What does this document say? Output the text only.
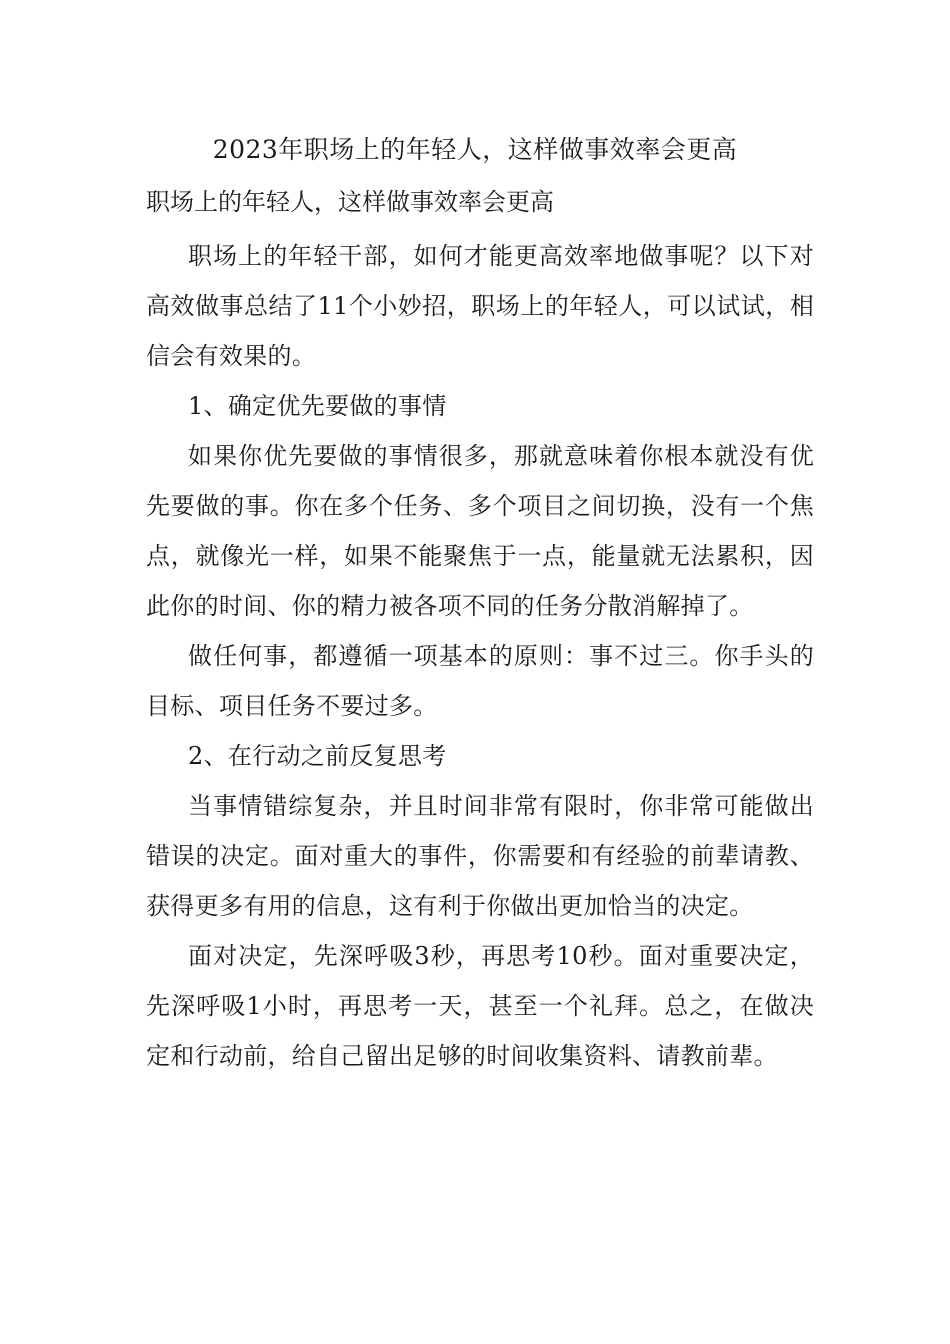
2023年职场上的年轻人，这样做事效率会更高

职场上的年轻人，这样做事效率会更高

职场上的年轻干部，如何才能更高效率地做事呢？以下对高效做事总结了11个小妙招，职场上的年轻人，可以试试，相信会有效果的。

1、确定优先要做的事情

如果你优先要做的事情很多，那就意味着你根本就没有优先要做的事。你在多个任务、多个项目之间切换，没有一个焦点，就像光一样，如果不能聚焦于一点，能量就无法累积，因此你的时间、你的精力被各项不同的任务分散消解掉了。

做任何事，都遵循一项基本的原则：事不过三。你手头的目标、项目任务不要过多。

2、在行动之前反复思考

当事情错综复杂，并且时间非常有限时，你非常可能做出错误的决定。面对重大的事件，你需要和有经验的前辈请教、获得更多有用的信息，这有利于你做出更加恰当的决定。

面对决定，先深呼吸3秒，再思考10秒。面对重要决定，先深呼吸1小时，再思考一天，甚至一个礼拜。总之，在做决定和行动前，给自己留出足够的时间收集资料、请教前辈。
